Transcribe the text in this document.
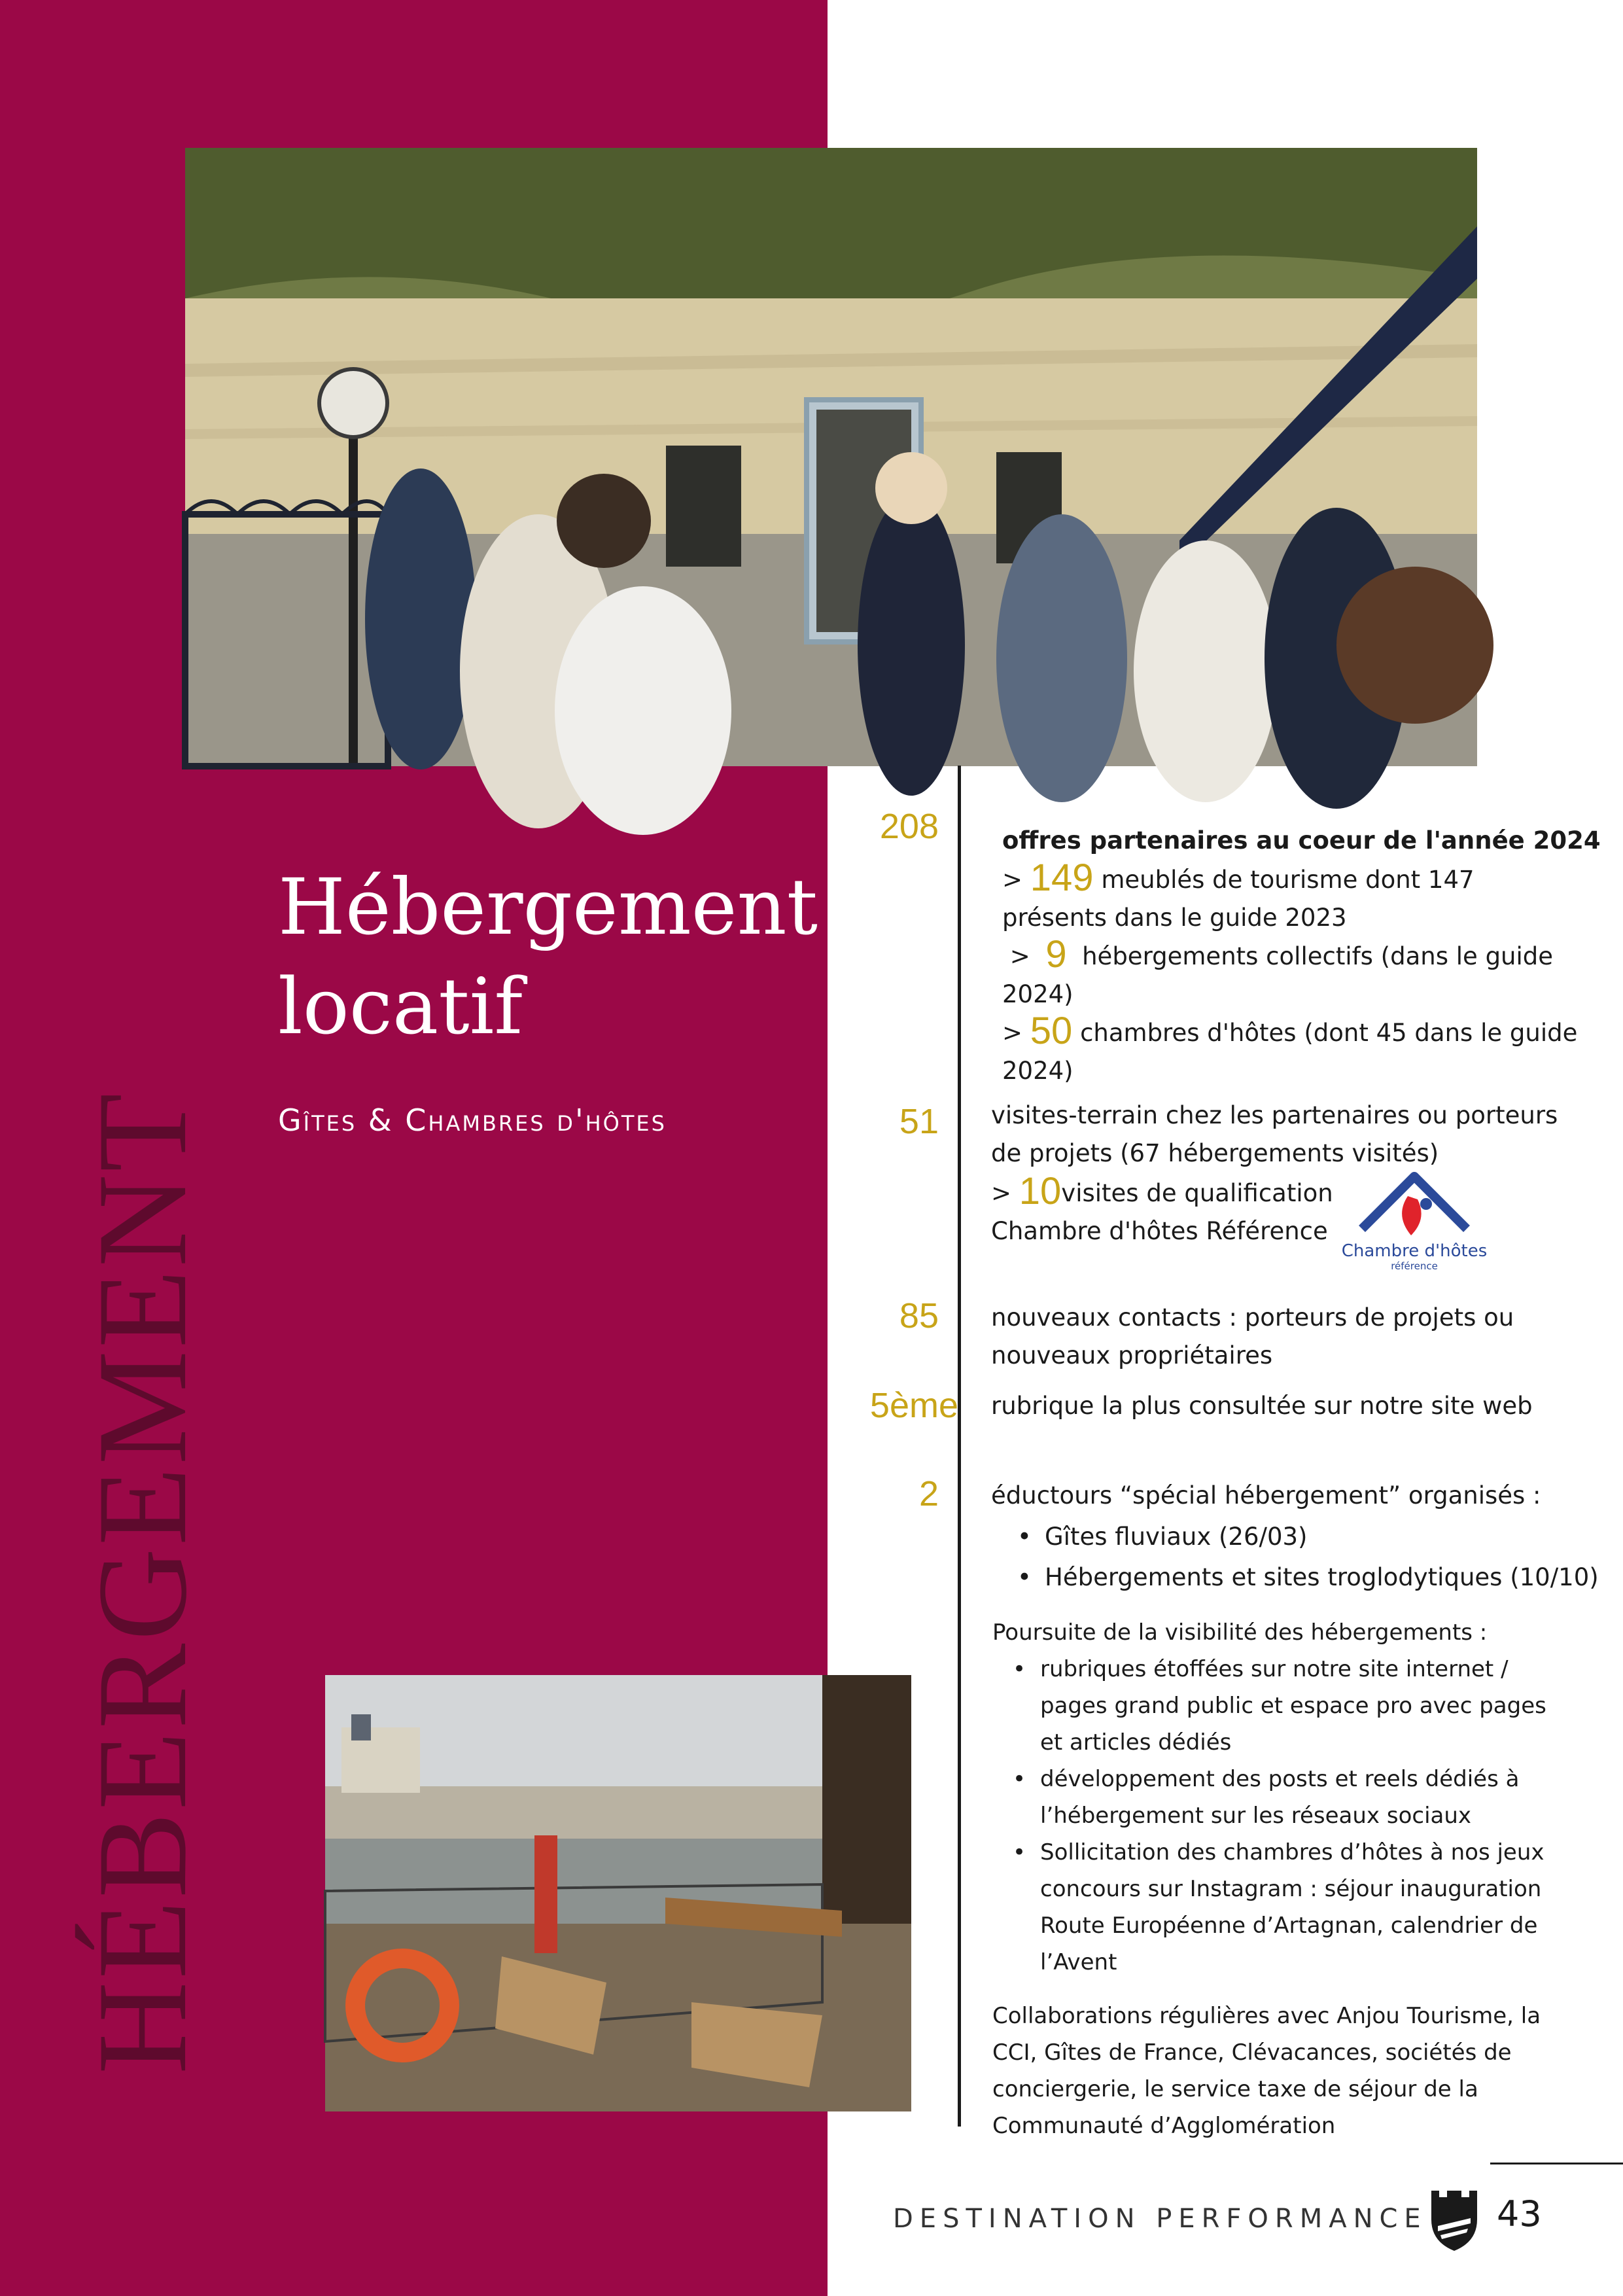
HÉBERGEMENT
Hébergement
locatif
Gîtes & Chambres d'hôtes
208	offres partenaires au coeur de l'année 2024

> 149 meublés de tourisme dont 147 présents dans le guide 2023

> 9 hébergements collectifs (dans le guide 2024)

> 50 chambres d'hôtes (dont 45 dans le guide 2024)

51 visites-terrain chez les partenaires ou porteurs de projets (67 hébergements visités)

> 10visites de qualification
Chambre d'hôtes Référence

Chambre d'hôtes
référence
85 nouveaux contacts : porteurs de projets ou nouveaux propriétaires

5ème rubrique la plus consultée sur notre site web

2 éductours “spécial hébergement” organisés :

• Gîtes fluviaux (26/03)
• Hébergements et sites troglodytiques (10/10)

Poursuite de la visibilité des hébergements :

• rubriques étoffées sur notre site internet / pages grand public et espace pro avec pages et articles dédiés
• développement des posts et reels dédiés à l’hébergement sur les réseaux sociaux
• Sollicitation des chambres d’hôtes à nos jeux concours sur Instagram : séjour inauguration Route Européenne d’Artagnan, calendrier de l’Avent

Collaborations régulières avec Anjou Tourisme, la CCI, Gîtes de France, Clévacances, sociétés de conciergerie, le service taxe de séjour de la Communauté d’Agglomération

DESTINATION PERFORMANCE 43
